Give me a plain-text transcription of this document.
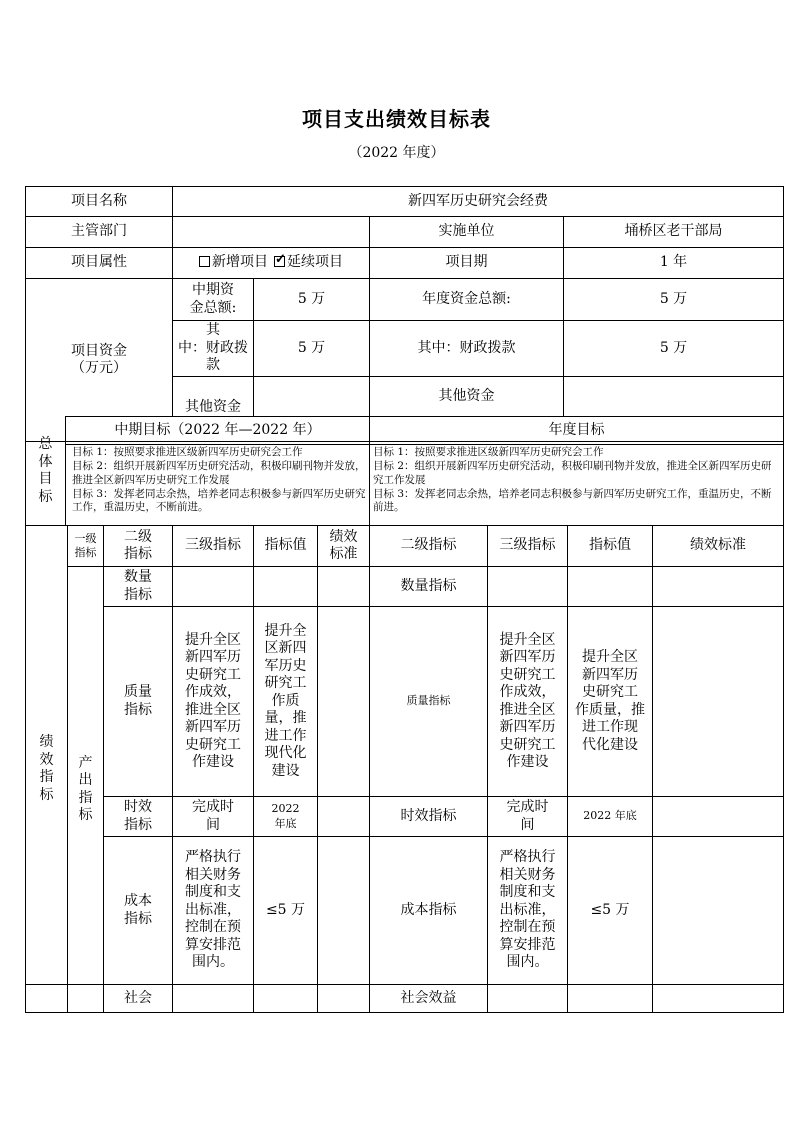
项目支出绩效目标表
（2022 年度）
项目名称	新四军历史研究会经费
主管部门	实施单位	埇桥区老干部局
项目属性	新增项目
✓	延续项目	项目期	1 年
项目资金
（万元）
中期资
金总额:
5 万	年度资金总额:	5 万
其
中：财政拨
款
5 万	其中：财政拨款	5 万
其他资金
其他资金
总
体
目
标
中期目标（2022 年—2022 年）	年度目标
目标 1：按照要求推进区级新四军历史研究会工作
目标 2：组织开展新四军历史研究活动，积极印刷刊物并发放，推进全区新四军历史研究工作发展
目标 3：发挥老同志余热，培养老同志积极参与新四军历史研究工作，重温历史，不断前进。
目标 1：按照要求推进区级新四军历史研究会工作
目标 2：组织开展新四军历史研究活动，积极印刷刊物并发放，推进全区新四军历史研究工作发展
目标 3：发挥老同志余热，培养老同志积极参与新四军历史研究工作，重温历史，不断前进。
绩
效
指
标
一级
指标
二级
指标
三级指标	指标值
绩效
标准
二级指标	三级指标	指标值	绩效标准
产
出
指
标
数量
指标
数量指标
质量
指标
提升全区
新四军历
史研究工
作成效，
推进全区
新四军历
史研究工
作建设
提升全
区新四
军历史
研究工
作质
量，推
进工作
现代化
建设
质量指标
提升全区
新四军历
史研究工
作成效，
推进全区
新四军历
史研究工
作建设
提升全区
新四军历
史研究工
作质量，推
进工作现
代化建设
时效
指标
完成时
间
2022
年底	时效指标
完成时
间
2022 年底
成本
指标
严格执行
相关财务
制度和支
出标准，
控制在预
算安排范
围内。
≤5 万	成本指标
严格执行
相关财务
制度和支
出标准，
控制在预
算安排范
围内。
≤5 万
社会	社会效益
